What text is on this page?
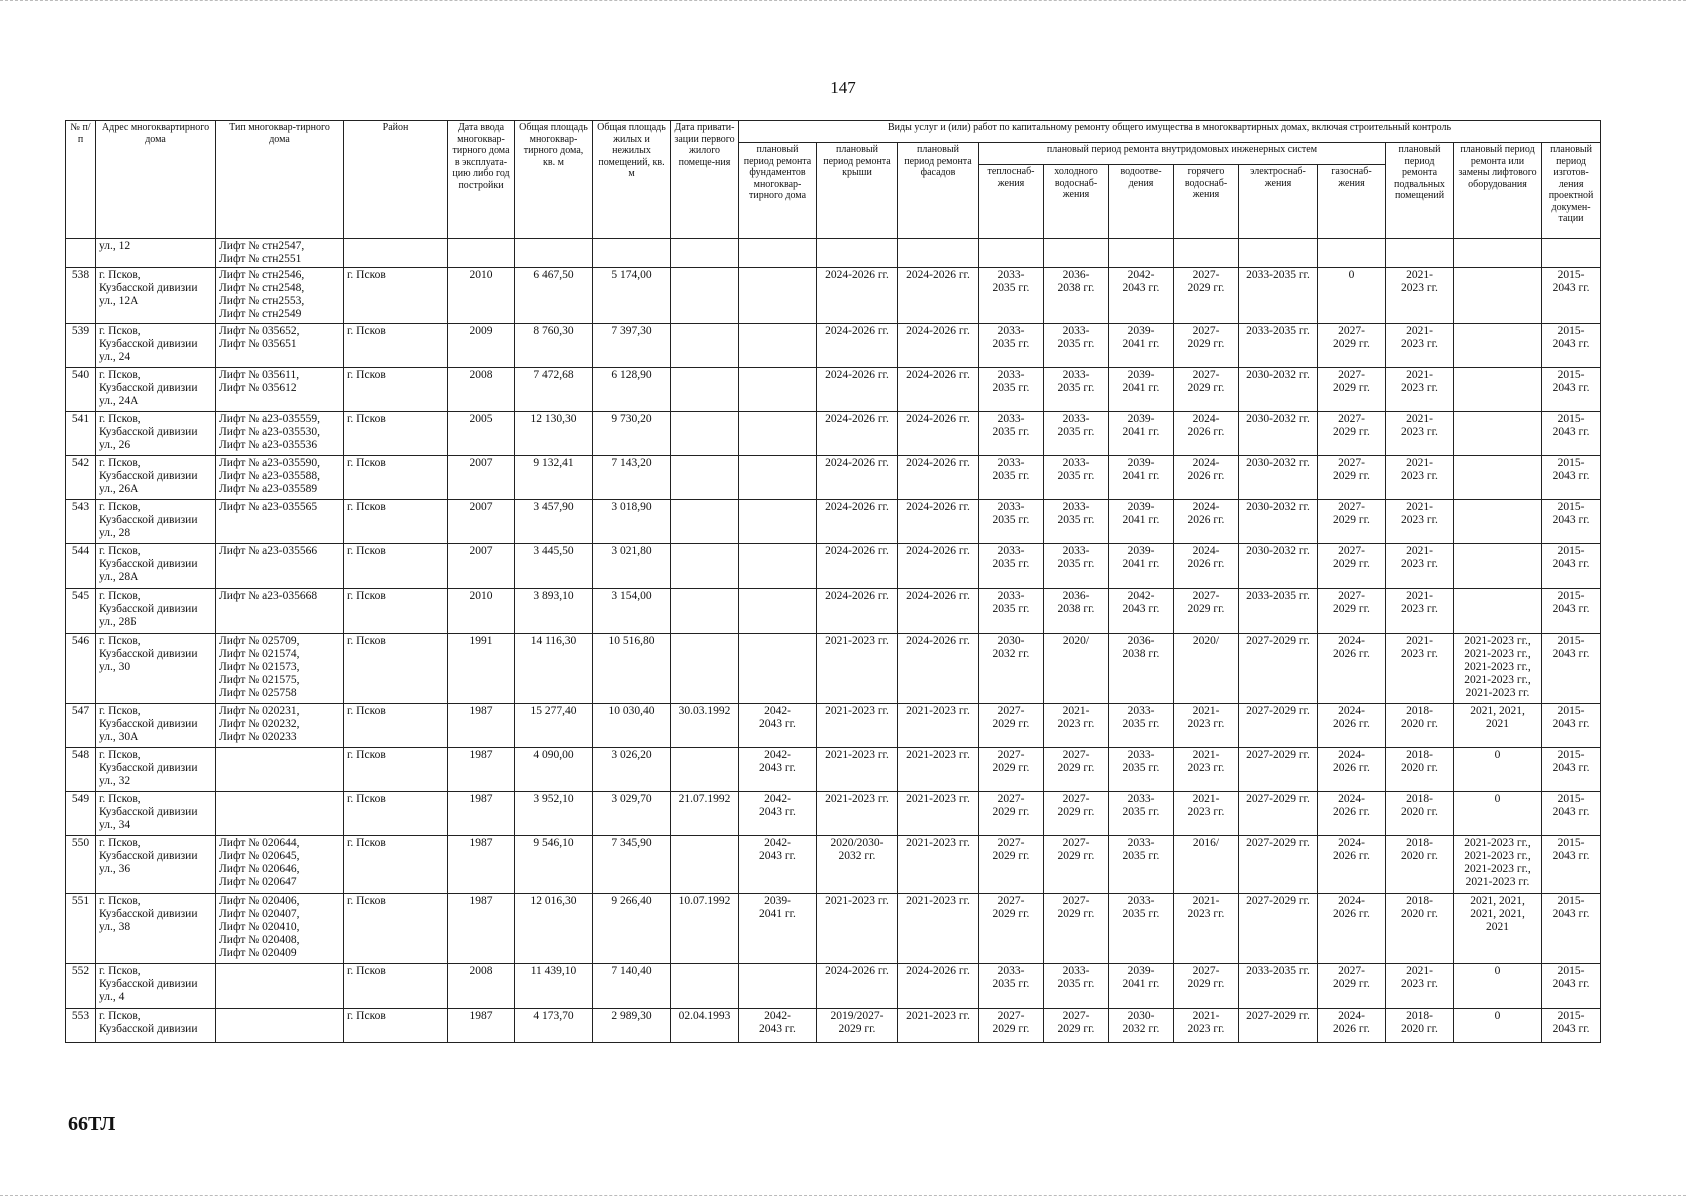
147
№ п/п	Адрес многоквартирного дома	Тип многоквар-тирного дома	Район	Дата ввода многоквар-тирного дома в эксплуата-цию либо год постройки	Общая площадь многоквар-тирного дома, кв. м	Общая площадь жилых и нежилых помещений, кв. м	Дата привати-зации первого жилого помеще-ния	Виды услуг и (или) работ по капитальному ремонту общего имущества в многоквартирных домах, включая строительный контроль											
								плановый период ремонта фундаментов многоквар-тирного дома	плановый период ремонта крыши	плановый период ремонта фасадов	плановый период ремонта внутридомовых инженерных систем						плановый период ремонта подвальных помещений	плановый период ремонта или замены лифтового оборудования	плановый период изготов-ления проектной докумен-тации
											теплоснаб-жения	холодного водоснаб-жения	водоотве-дения	горячего водоснаб-жения	электроснаб-жения	газоснаб-жения			
	ул., 12	Лифт № стн2547,
Лифт № стн2551																	
538	г. Псков,
Кузбасской дивизии
ул., 12А	Лифт № стн2546,
Лифт № стн2548,
Лифт № стн2553,
Лифт № стн2549	г. Псков	2010	6 467,50	5 174,00			2024-2026 гг.	2024-2026 гг.	2033-
2035 гг.	2036-
2038 гг.	2042-
2043 гг.	2027-
2029 гг.	2033-2035 гг.	0	2021-
2023 гг.		2015-
2043 гг.
539	г. Псков,
Кузбасской дивизии
ул., 24	Лифт № 035652,
Лифт № 035651	г. Псков	2009	8 760,30	7 397,30			2024-2026 гг.	2024-2026 гг.	2033-
2035 гг.	2033-
2035 гг.	2039-
2041 гг.	2027-
2029 гг.	2033-2035 гг.	2027-
2029 гг.	2021-
2023 гг.		2015-
2043 гг.
540	г. Псков,
Кузбасской дивизии
ул., 24А	Лифт № 035611,
Лифт № 035612	г. Псков	2008	7 472,68	6 128,90			2024-2026 гг.	2024-2026 гг.	2033-
2035 гг.	2033-
2035 гг.	2039-
2041 гг.	2027-
2029 гг.	2030-2032 гг.	2027-
2029 гг.	2021-
2023 гг.		2015-
2043 гг.
541	г. Псков,
Кузбасской дивизии
ул., 26	Лифт № а23-035559,
Лифт № а23-035530,
Лифт № а23-035536	г. Псков	2005	12 130,30	9 730,20			2024-2026 гг.	2024-2026 гг.	2033-
2035 гг.	2033-
2035 гг.	2039-
2041 гг.	2024-
2026 гг.	2030-2032 гг.	2027-
2029 гг.	2021-
2023 гг.		2015-
2043 гг.
542	г. Псков,
Кузбасской дивизии
ул., 26А	Лифт № а23-035590,
Лифт № а23-035588,
Лифт № а23-035589	г. Псков	2007	9 132,41	7 143,20			2024-2026 гг.	2024-2026 гг.	2033-
2035 гг.	2033-
2035 гг.	2039-
2041 гг.	2024-
2026 гг.	2030-2032 гг.	2027-
2029 гг.	2021-
2023 гг.		2015-
2043 гг.
543	г. Псков,
Кузбасской дивизии
ул., 28	Лифт № а23-035565	г. Псков	2007	3 457,90	3 018,90			2024-2026 гг.	2024-2026 гг.	2033-
2035 гг.	2033-
2035 гг.	2039-
2041 гг.	2024-
2026 гг.	2030-2032 гг.	2027-
2029 гг.	2021-
2023 гг.		2015-
2043 гг.
544	г. Псков,
Кузбасской дивизии
ул., 28А	Лифт № а23-035566	г. Псков	2007	3 445,50	3 021,80			2024-2026 гг.	2024-2026 гг.	2033-
2035 гг.	2033-
2035 гг.	2039-
2041 гг.	2024-
2026 гг.	2030-2032 гг.	2027-
2029 гг.	2021-
2023 гг.		2015-
2043 гг.
545	г. Псков,
Кузбасской дивизии
ул., 28Б	Лифт № а23-035668	г. Псков	2010	3 893,10	3 154,00			2024-2026 гг.	2024-2026 гг.	2033-
2035 гг.	2036-
2038 гг.	2042-
2043 гг.	2027-
2029 гг.	2033-2035 гг.	2027-
2029 гг.	2021-
2023 гг.		2015-
2043 гг.
546	г. Псков,
Кузбасской дивизии
ул., 30	Лифт № 025709,
Лифт № 021574,
Лифт № 021573,
Лифт № 021575,
Лифт № 025758	г. Псков	1991	14 116,30	10 516,80			2021-2023 гг.	2024-2026 гг.	2030-
2032 гг.	2020/	2036-
2038 гг.	2020/	2027-2029 гг.	2024-
2026 гг.	2021-
2023 гг.	2021-2023 гг.,
2021-2023 гг.,
2021-2023 гг.,
2021-2023 гг.,
2021-2023 гг.	2015-
2043 гг.
547	г. Псков,
Кузбасской дивизии
ул., 30А	Лифт № 020231,
Лифт № 020232,
Лифт № 020233	г. Псков	1987	15 277,40	10 030,40	30.03.1992	2042-
2043 гг.	2021-2023 гг.	2021-2023 гг.	2027-
2029 гг.	2021-
2023 гг.	2033-
2035 гг.	2021-
2023 гг.	2027-2029 гг.	2024-
2026 гг.	2018-
2020 гг.	2021, 2021,
2021	2015-
2043 гг.
548	г. Псков,
Кузбасской дивизии
ул., 32		г. Псков	1987	4 090,00	3 026,20		2042-
2043 гг.	2021-2023 гг.	2021-2023 гг.	2027-
2029 гг.	2027-
2029 гг.	2033-
2035 гг.	2021-
2023 гг.	2027-2029 гг.	2024-
2026 гг.	2018-
2020 гг.	0	2015-
2043 гг.
549	г. Псков,
Кузбасской дивизии
ул., 34		г. Псков	1987	3 952,10	3 029,70	21.07.1992	2042-
2043 гг.	2021-2023 гг.	2021-2023 гг.	2027-
2029 гг.	2027-
2029 гг.	2033-
2035 гг.	2021-
2023 гг.	2027-2029 гг.	2024-
2026 гг.	2018-
2020 гг.	0	2015-
2043 гг.
550	г. Псков,
Кузбасской дивизии
ул., 36	Лифт № 020644,
Лифт № 020645,
Лифт № 020646,
Лифт № 020647	г. Псков	1987	9 546,10	7 345,90		2042-
2043 гг.	2020/2030-
2032 гг.	2021-2023 гг.	2027-
2029 гг.	2027-
2029 гг.	2033-
2035 гг.	2016/	2027-2029 гг.	2024-
2026 гг.	2018-
2020 гг.	2021-2023 гг.,
2021-2023 гг.,
2021-2023 гг.,
2021-2023 гг.	2015-
2043 гг.
551	г. Псков,
Кузбасской дивизии
ул., 38	Лифт № 020406,
Лифт № 020407,
Лифт № 020410,
Лифт № 020408,
Лифт № 020409	г. Псков	1987	12 016,30	9 266,40	10.07.1992	2039-
2041 гг.	2021-2023 гг.	2021-2023 гг.	2027-
2029 гг.	2027-
2029 гг.	2033-
2035 гг.	2021-
2023 гг.	2027-2029 гг.	2024-
2026 гг.	2018-
2020 гг.	2021, 2021,
2021, 2021,
2021	2015-
2043 гг.
552	г. Псков,
Кузбасской дивизии
ул., 4		г. Псков	2008	11 439,10	7 140,40			2024-2026 гг.	2024-2026 гг.	2033-
2035 гг.	2033-
2035 гг.	2039-
2041 гг.	2027-
2029 гг.	2033-2035 гг.	2027-
2029 гг.	2021-
2023 гг.	0	2015-
2043 гг.
553	г. Псков,
Кузбасской дивизии		г. Псков	1987	4 173,70	2 989,30	02.04.1993	2042-
2043 гг.	2019/2027-
2029 гг.	2021-2023 гг.	2027-
2029 гг.	2027-
2029 гг.	2030-
2032 гг.	2021-
2023 гг.	2027-2029 гг.	2024-
2026 гг.	2018-
2020 гг.	0	2015-
2043 гг.
66ТЛ
